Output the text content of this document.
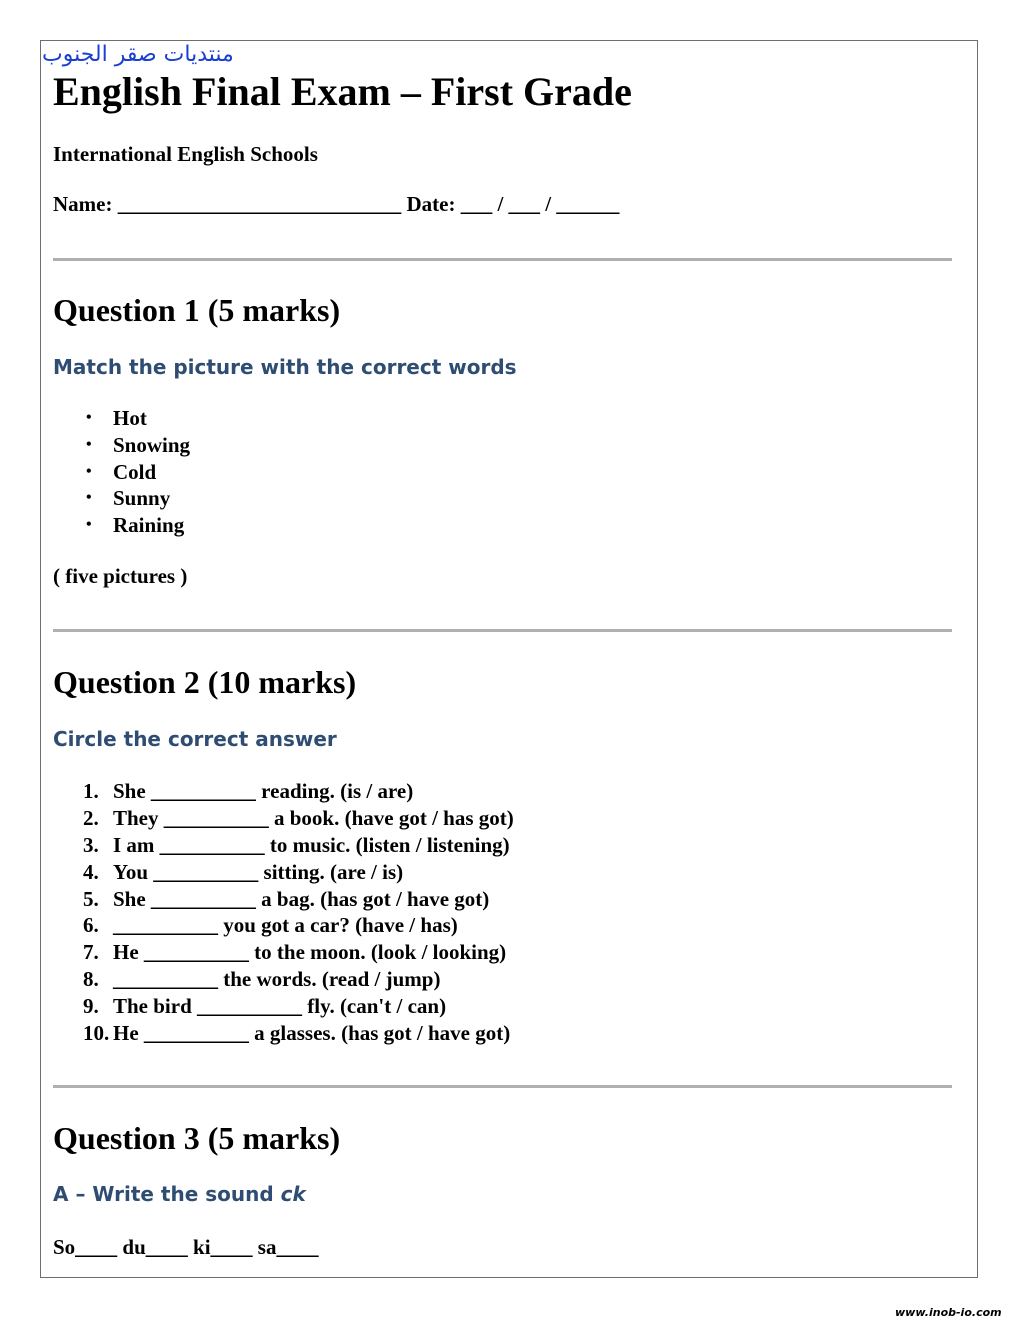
منتديات صقر الجنوب
English Final Exam – First Grade
International English Schools
Name: ___________________________ Date: ___ / ___ / ______
Question 1 (5 marks)
Match the picture with the correct words
• Hot
• Snowing
• Cold
• Sunny
• Raining
( five pictures )
Question 2 (10 marks)
Circle the correct answer
1. She __________ reading. (is / are)
2. They __________ a book. (have got / has got)
3. I am __________ to music. (listen / listening)
4. You __________ sitting. (are / is)
5. She __________ a bag. (has got / have got)
6. __________ you got a car? (have / has)
7. He __________ to the moon. (look / looking)
8. __________ the words. (read / jump)
9. The bird __________ fly. (can't / can)
10. He __________ a glasses. (has got / have got)
Question 3 (5 marks)
A – Write the sound ck
So____ du____ ki____ sa____
www.inob-io.com
